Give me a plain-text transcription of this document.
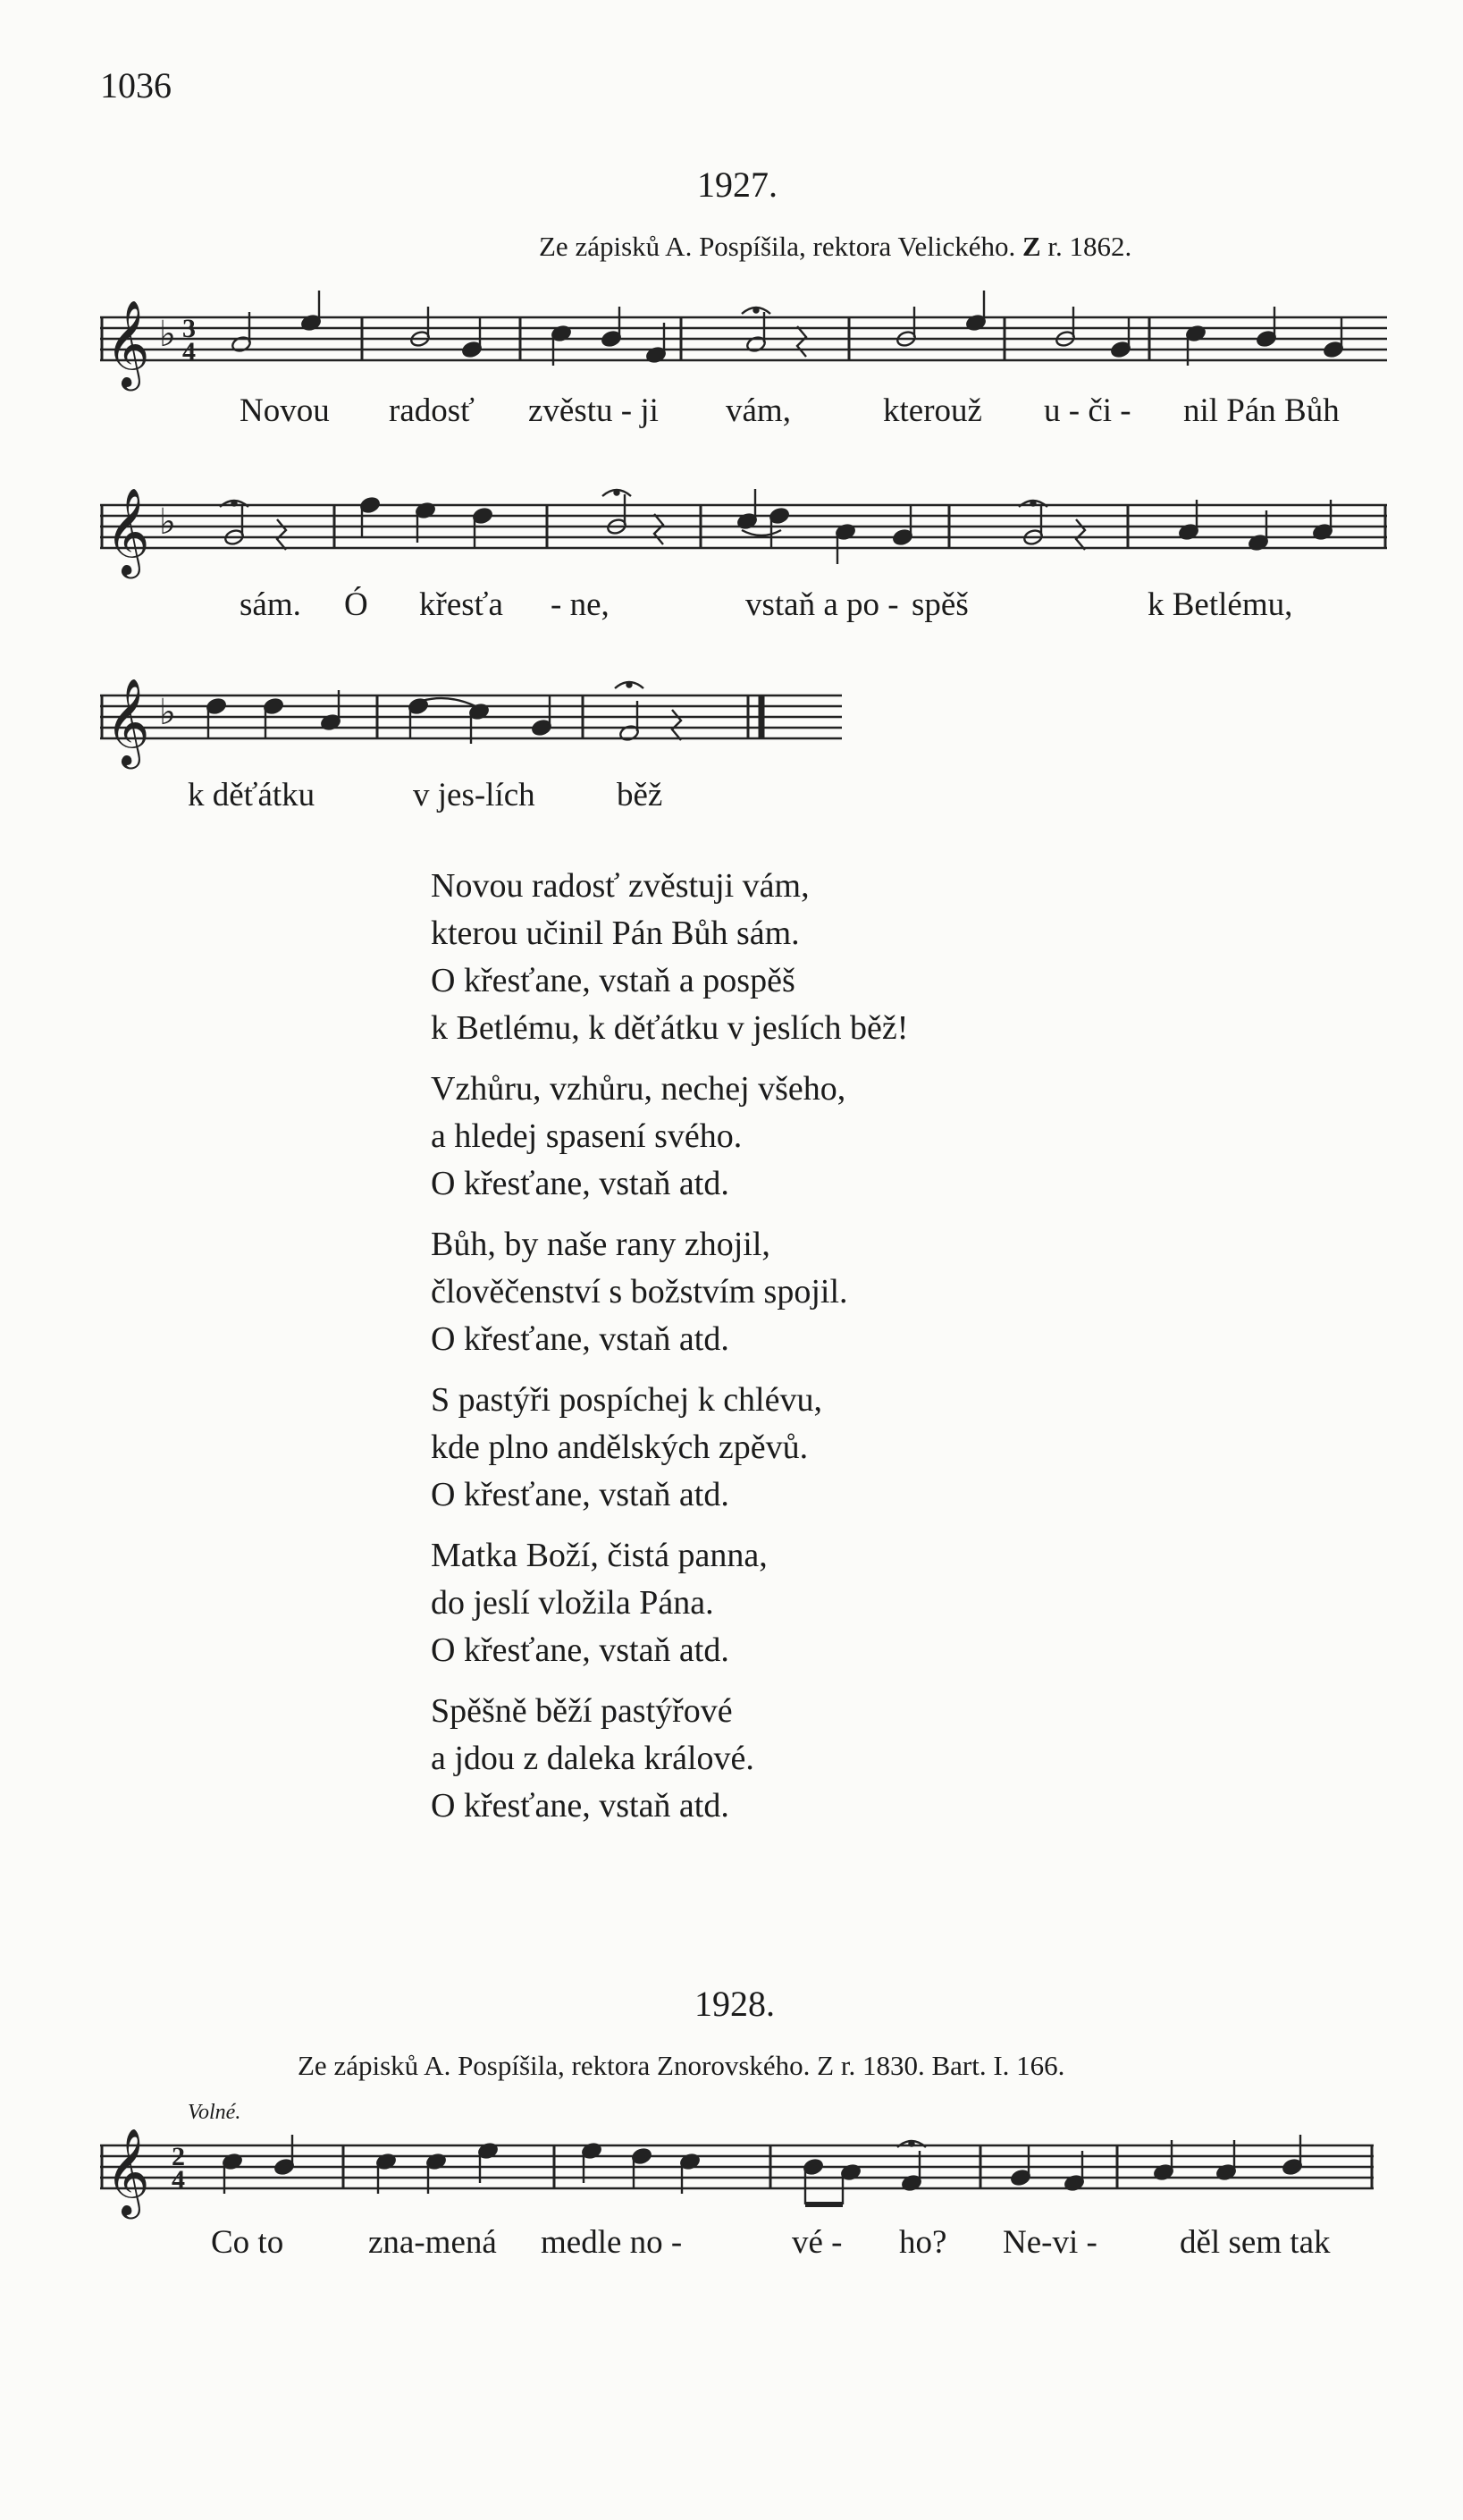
1036
1927.
Ze zápisků A. Pospíšila, rektora Velického. Z r. 1862.
𝄞 ♭ 3
4
Novou radosť zvěstu - ji vám,	kterouž u - či - nil Pán Bůh
𝄞 ♭
sám. Ó křesťa - ne,	vstaň a po - spěš	k Betlému,
𝄞 ♭
k děťátku	v jes-lích běž
Novou radosť zvěstuji vám,
kterou učinil Pán Bůh sám.
O křesťane, vstaň a pospěš
k Betlému, k děťátku v jeslích běž!
Vzhůru, vzhůru, nechej všeho,
a hledej spasení svého.
O křesťane, vstaň atd.
Bůh, by naše rany zhojil,
člověčenství s božstvím spojil.
O křesťane, vstaň atd.
S pastýři pospíchej k chlévu,
kde plno andělských zpěvů.
O křesťane, vstaň atd.
Matka Boží, čistá panna,
do jeslí vložila Pána.
O křesťane, vstaň atd.
Spěšně běží pastýřové
a jdou z daleka králové.
O křesťane, vstaň atd.
1928.
Ze zápisků A. Pospíšila, rektora Znorovského. Z r. 1830. Bart. I. 166.
Volné.
𝄞 2
4
Co to	zna-mená medle no -	vé - ho? Ne-vi - děl sem tak
